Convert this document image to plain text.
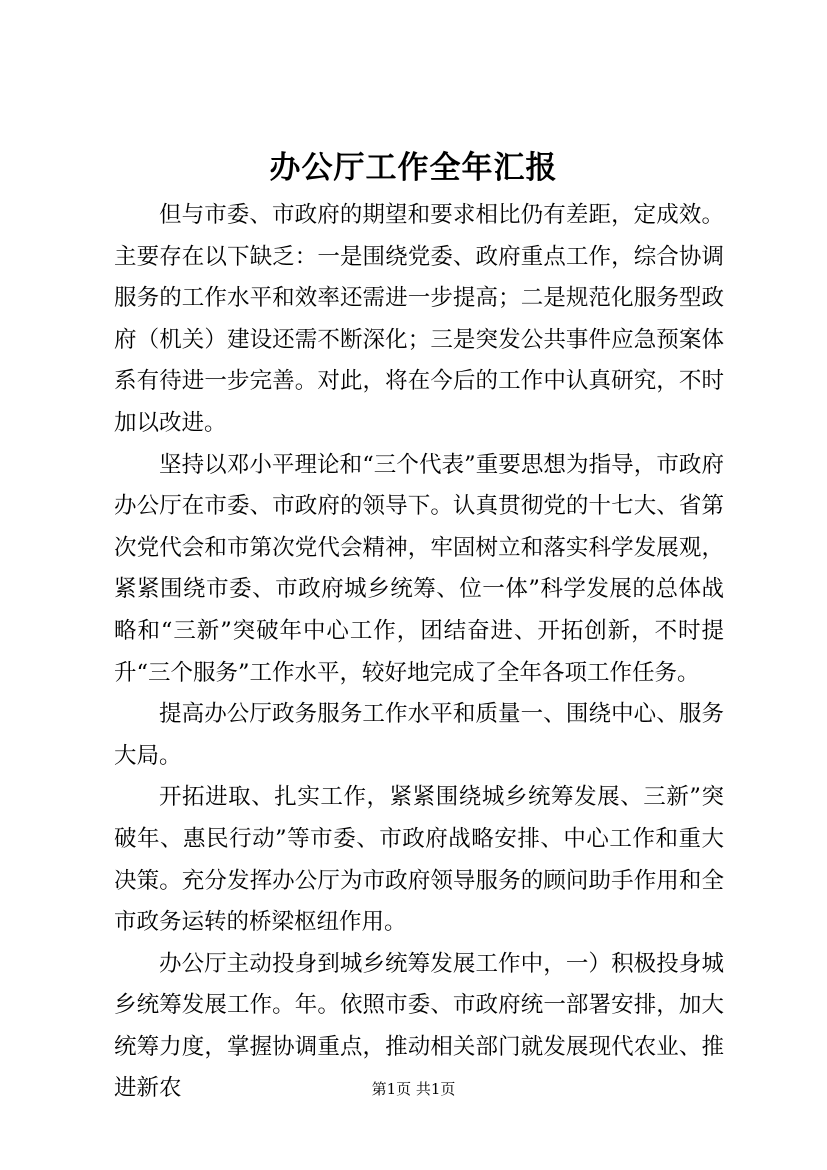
办公厅工作全年汇报

但与市委、市政府的期望和要求相比仍有差距，定成效。主要存在以下缺乏：一是围绕党委、政府重点工作，综合协调服务的工作水平和效率还需进一步提高；二是规范化服务型政府（机关）建设还需不断深化；三是突发公共事件应急预案体系有待进一步完善。对此，将在今后的工作中认真研究，不时加以改进。

坚持以邓小平理论和“三个代表”重要思想为指导，市政府办公厅在市委、市政府的领导下。认真贯彻党的十七大、省第次党代会和市第次党代会精神，牢固树立和落实科学发展观，紧紧围绕市委、市政府城乡统筹、位一体”科学发展的总体战略和“三新”突破年中心工作，团结奋进、开拓创新，不时提升“三个服务”工作水平，较好地完成了全年各项工作任务。

提高办公厅政务服务工作水平和质量一、围绕中心、服务大局。

开拓进取、扎实工作，紧紧围绕城乡统筹发展、三新”突破年、惠民行动”等市委、市政府战略安排、中心工作和重大决策。充分发挥办公厅为市政府领导服务的顾问助手作用和全市政务运转的桥梁枢纽作用。

办公厅主动投身到城乡统筹发展工作中，一）积极投身城乡统筹发展工作。年。依照市委、市政府统一部署安排，加大统筹力度，掌握协调重点，推动相关部门就发展现代农业、推进新农	第1页 共1页
